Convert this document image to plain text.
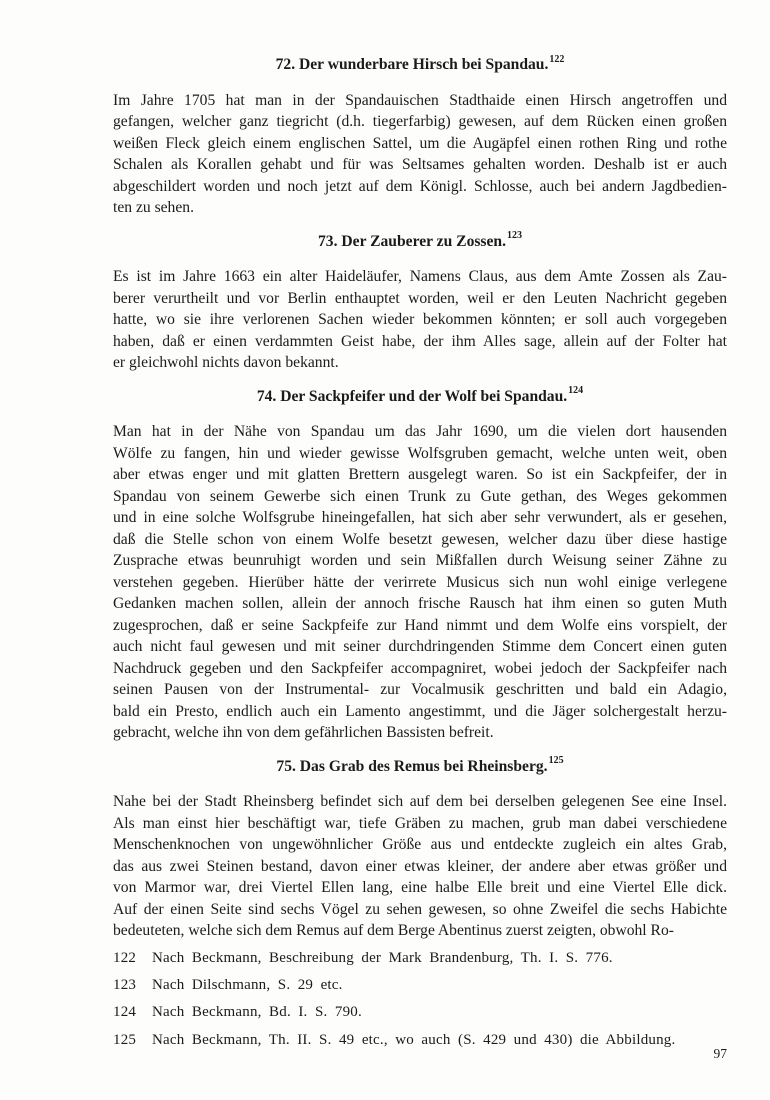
72. Der wunderbare Hirsch bei Spandau.$^{122}$
Im Jahre 1705 hat man in der Spandauischen Stadthaide einen Hirsch angetroffen und
gefangen, welcher ganz tiegricht (d.h. tiegerfarbig) gewesen, auf dem Rücken einen großen
weißen Fleck gleich einem englischen Sattel, um die Augäpfel einen rothen Ring und rothe
Schalen als Korallen gehabt und für was Seltsames gehalten worden. Deshalb ist er auch
abgeschildert worden und noch jetzt auf dem Königl. Schlosse, auch bei andern Jagdbedien-
ten zu sehen.
73. Der Zauberer zu Zossen.$^{123}$
Es ist im Jahre 1663 ein alter Haideläufer, Namens Claus, aus dem Amte Zossen als Zau-
berer verurtheilt und vor Berlin enthauptet worden, weil er den Leuten Nachricht gegeben
hatte, wo sie ihre verlorenen Sachen wieder bekommen könnten; er soll auch vorgegeben
haben, daß er einen verdammten Geist habe, der ihm Alles sage, allein auf der Folter hat
er gleichwohl nichts davon bekannt.
74. Der Sackpfeifer und der Wolf bei Spandau.$^{124}$
Man hat in der Nähe von Spandau um das Jahr 1690, um die vielen dort hausenden
Wölfe zu fangen, hin und wieder gewisse Wolfsgruben gemacht, welche unten weit, oben
aber etwas enger und mit glatten Brettern ausgelegt waren. So ist ein Sackpfeifer, der in
Spandau von seinem Gewerbe sich einen Trunk zu Gute gethan, des Weges gekommen
und in eine solche Wolfsgrube hineingefallen, hat sich aber sehr verwundert, als er gesehen,
daß die Stelle schon von einem Wolfe besetzt gewesen, welcher dazu über diese hastige
Zusprache etwas beunruhigt worden und sein Mißfallen durch Weisung seiner Zähne zu
verstehen gegeben. Hierüber hätte der verirrete Musicus sich nun wohl einige verlegene
Gedanken machen sollen, allein der annoch frische Rausch hat ihm einen so guten Muth
zugesprochen, daß er seine Sackpfeife zur Hand nimmt und dem Wolfe eins vorspielt, der
auch nicht faul gewesen und mit seiner durchdringenden Stimme dem Concert einen guten
Nachdruck gegeben und den Sackpfeifer accompagniret, wobei jedoch der Sackpfeifer nach
seinen Pausen von der Instrumental- zur Vocalmusik geschritten und bald ein Adagio,
bald ein Presto, endlich auch ein Lamento angestimmt, und die Jäger solchergestalt herzu-
gebracht, welche ihn von dem gefährlichen Bassisten befreit.
75. Das Grab des Remus bei Rheinsberg.$^{125}$
Nahe bei der Stadt Rheinsberg befindet sich auf dem bei derselben gelegenen See eine Insel.
Als man einst hier beschäftigt war, tiefe Gräben zu machen, grub man dabei verschiedene
Menschenknochen von ungewöhnlicher Größe aus und entdeckte zugleich ein altes Grab,
das aus zwei Steinen bestand, davon einer etwas kleiner, der andere aber etwas größer und
von Marmor war, drei Viertel Ellen lang, eine halbe Elle breit und eine Viertel Elle dick.
Auf der einen Seite sind sechs Vögel zu sehen gewesen, so ohne Zweifel die sechs Habichte
bedeuteten, welche sich dem Remus auf dem Berge Abentinus zuerst zeigten, obwohl Ro-
122	Nach Beckmann, Beschreibung der Mark Brandenburg, Th. I. S. 776.
123	Nach Dilschmann, S. 29 etc.
124	Nach Beckmann, Bd. I. S. 790.
125	Nach Beckmann, Th. II. S. 49 etc., wo auch (S. 429 und 430) die Abbildung.
97
